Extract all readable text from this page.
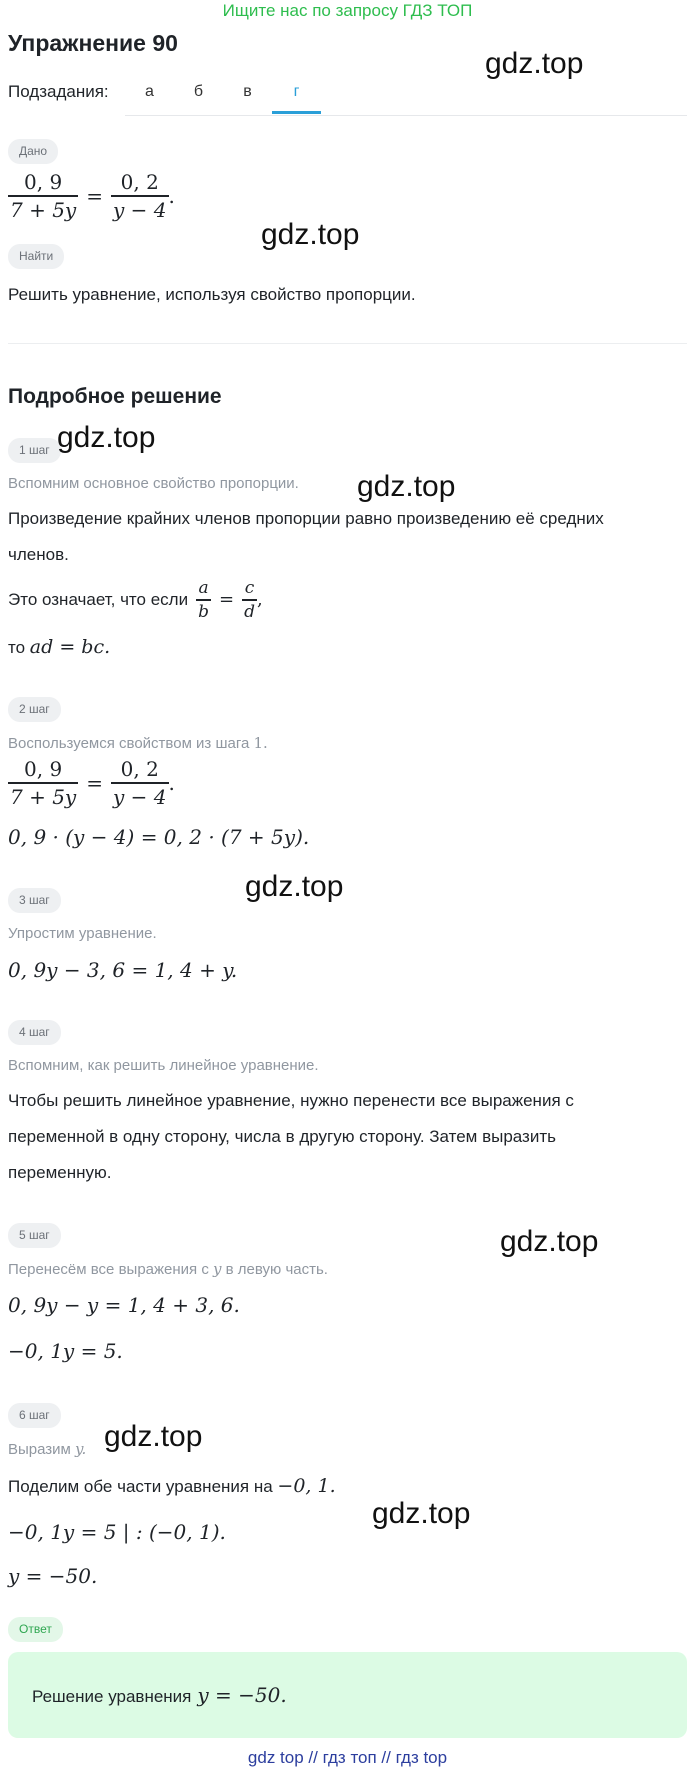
Ищите нас по запросу ГДЗ ТОП
Упражнение 90
Подзадания:	а	б	в	г
Дано
$\frac{0, 9}{7 + 5y} = \frac{0, 2}{y - 4}$ .
Найти
Решить уравнение, используя свойство пропорции.
Подробное решение
1 шаг
Вспомним основное свойство пропорции.
Произведение крайних членов пропорции равно произведению её средних
членов.
Это означает, что если $\frac{a}{b} = \frac{c}{d}$ ,
то ad = bc.
2 шаг
Воспользуемся свойством из шага 1.
$\frac{0, 9}{7 + 5y} = \frac{0, 2}{y - 4}$ .
0, 9 · (y − 4) = 0, 2 · (7 + 5y).
3 шаг
Упростим уравнение.
0, 9y − 3, 6 = 1, 4 + y.
4 шаг
Вспомним, как решить линейное уравнение.
Чтобы решить линейное уравнение, нужно перенести все выражения с
переменной в одну сторону, числа в другую сторону. Затем выразить
переменную.
5 шаг
Перенесём все выражения с y в левую часть.
0, 9y − y = 1, 4 + 3, 6.
−0, 1y = 5.
6 шаг
Выразим y.
Поделим обе части уравнения на −0, 1.
−0, 1y = 5 | : (−0, 1).
y = −50.
Ответ
Решение уравнения y = −50.
gdz.top
gdz.top
gdz.top
gdz.top
gdz.top
gdz.top
gdz.top
gdz.top
gdz top // гдз топ // гдз top
